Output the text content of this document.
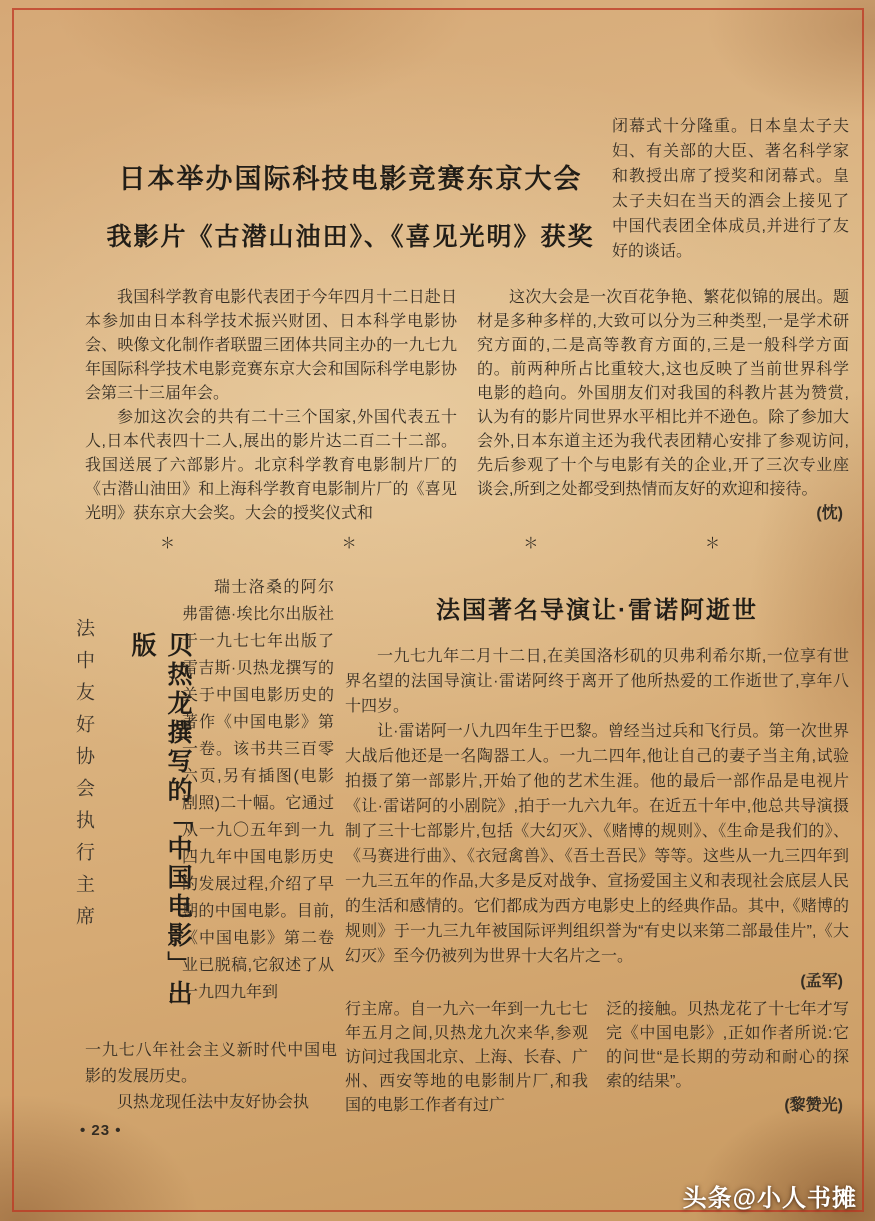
日本举办国际科技电影竞赛东京大会
我影片《古潜山油田》、《喜见光明》获奖

闭幕式十分隆重。日本皇太子夫妇、有关部的大臣、著名科学家和教授出席了授奖和闭幕式。皇太子夫妇在当天的酒会上接见了中国代表团全体成员,并进行了友好的谈话。

我国科学教育电影代表团于今年四月十二日赴日本参加由日本科学技术振兴财团、日本科学电影协会、映像文化制作者联盟三团体共同主办的一九七九年国际科学技术电影竞赛东京大会和国际科学电影协会第三十三届年会。

参加这次会的共有二十三个国家,外国代表五十人,日本代表四十二人,展出的影片达二百二十二部。我国送展了六部影片。北京科学教育电影制片厂的《古潜山油田》和上海科学教育电影制片厂的《喜见光明》获东京大会奖。大会的授奖仪式和

这次大会是一次百花争艳、繁花似锦的展出。题材是多种多样的,大致可以分为三种类型,一是学术研究方面的,二是高等教育方面的,三是一般科学方面的。前两种所占比重较大,这也反映了当前世界科学电影的趋向。外国朋友们对我国的科教片甚为赞赏,认为有的影片同世界水平相比并不逊色。除了参加大会外,日本东道主还为我代表团精心安排了参观访问,先后参观了十个与电影有关的企业,开了三次专业座谈会,所到之处都受到热情而友好的欢迎和接待。

(忱)
＊	＊	＊	＊
法中友好协会执行主席	贝热龙撰写的「中国电影」出版

瑞士洛桑的阿尔弗雷德·埃比尔出版社于一九七七年出版了雷吉斯·贝热龙撰写的关于中国电影历史的著作《中国电影》第一卷。该书共三百零六页,另有插图(电影剧照)二十幅。它通过从一九〇五年到一九四九年中国电影历史的发展过程,介绍了早期的中国电影。目前,《中国电影》第二卷业已脱稿,它叙述了从一九四九年到

一九七八年社会主义新时代中国电影的发展历史。

贝热龙现任法中友好协会执

法国著名导演让·雷诺阿逝世

一九七九年二月十二日,在美国洛杉矶的贝弗利希尔斯,一位享有世界名望的法国导演让·雷诺阿终于离开了他所热爱的工作逝世了,享年八十四岁。

让·雷诺阿一八九四年生于巴黎。曾经当过兵和飞行员。第一次世界大战后他还是一名陶器工人。一九二四年,他让自己的妻子当主角,试验拍摄了第一部影片,开始了他的艺术生涯。他的最后一部作品是电视片《让·雷诺阿的小剧院》,拍于一九六九年。在近五十年中,他总共导演摄制了三十七部影片,包括《大幻灭》、《赌博的规则》、《生命是我们的》、《马赛进行曲》、《衣冠禽兽》、《吾土吾民》等等。这些从一九三四年到一九三五年的作品,大多是反对战争、宣扬爱国主义和表现社会底层人民的生活和感情的。它们都成为西方电影史上的经典作品。其中,《赌博的规则》于一九三九年被国际评判组织誉为“有史以来第二部最佳片”,《大幻灭》至今仍被列为世界十大名片之一。

(孟军)

行主席。自一九六一年到一九七七年五月之间,贝热龙九次来华,参观访问过我国北京、上海、长春、广州、西安等地的电影制片厂,和我国的电影工作者有过广

泛的接触。贝热龙花了十七年才写完《中国电影》,正如作者所说:它的问世“是长期的劳动和耐心的探索的结果”。

(黎赞光)
• 23 •
头条@小人书摊
